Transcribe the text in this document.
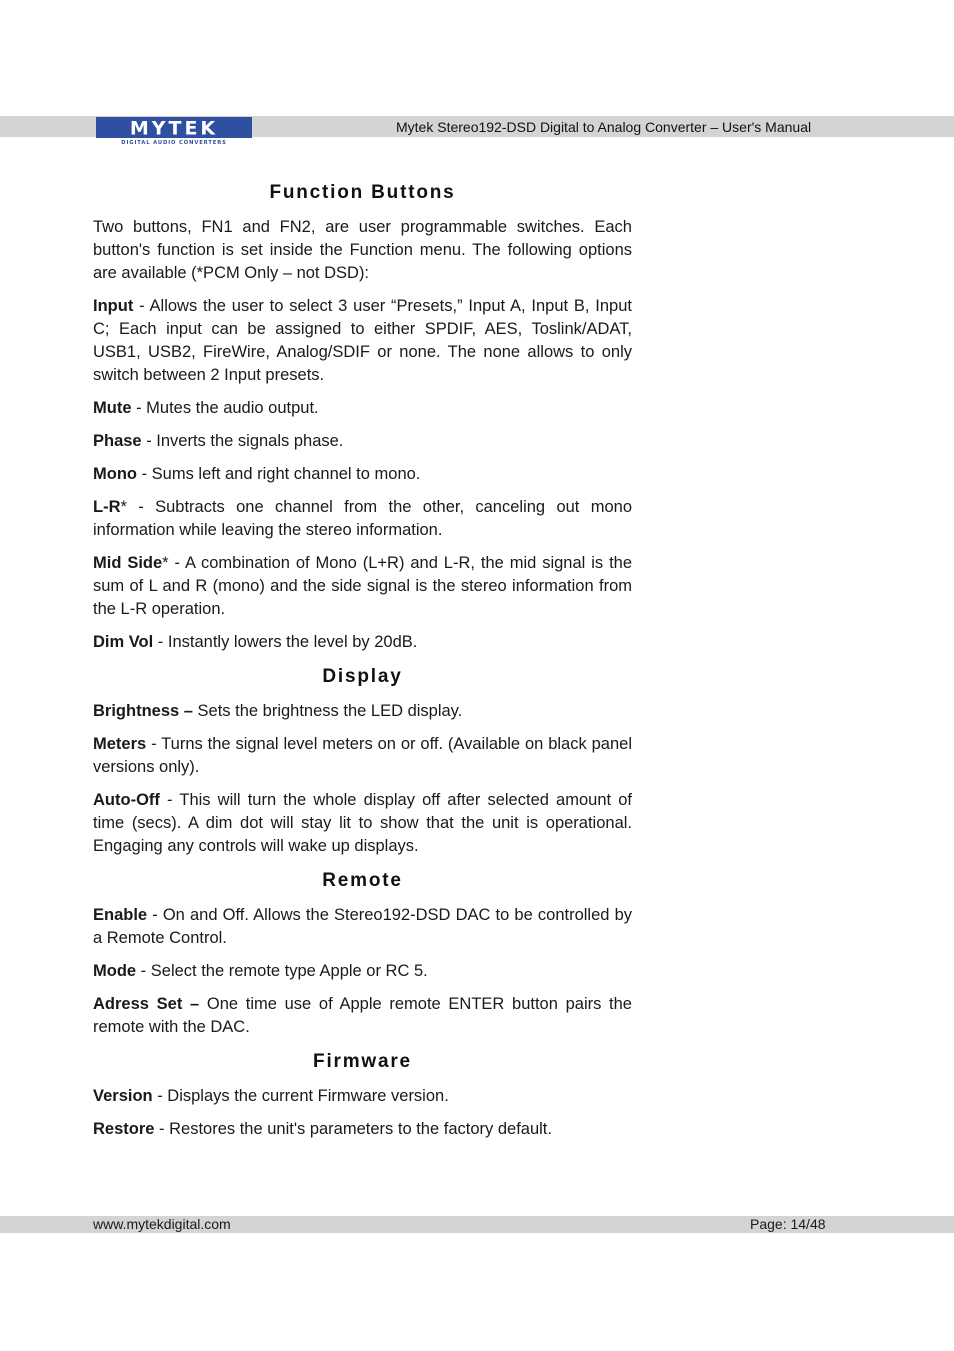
MYTEK
DIGITAL AUDIO CONVERTERS
Mytek Stereo192-DSD Digital to Analog Converter – User's Manual
Function Buttons
Two buttons, FN1 and FN2, are user programmable switches. Each button's function is set inside the Function menu. The following options are available (*PCM Only – not DSD):
Input - Allows the user to select 3 user “Presets,” Input A, Input B, Input C; Each input can be assigned to either SPDIF, AES, Toslink/ADAT, USB1, USB2, FireWire, Analog/SDIF or none. The none allows to only switch between 2 Input presets.
Mute - Mutes the audio output.
Phase - Inverts the signals phase.
Mono - Sums left and right channel to mono.
L-R* - Subtracts one channel from the other, canceling out mono information while leaving the stereo information.
Mid Side* - A combination of Mono (L+R) and L-R, the mid signal is the sum of L and R (mono) and the side signal is the stereo information from the L-R operation.
Dim Vol - Instantly lowers the level by 20dB.
Display
Brightness – Sets the brightness the LED display.
Meters - Turns the signal level meters on or off. (Available on black panel versions only).
Auto-Off - This will turn the whole display off after selected amount of time (secs). A dim dot will stay lit to show that the unit is operational. Engaging any controls will wake up displays.
Remote
Enable - On and Off. Allows the Stereo192-DSD DAC to be controlled by a Remote Control.
Mode - Select the remote type Apple or RC 5.
Adress Set – One time use of Apple remote ENTER button pairs the remote with the DAC.
Firmware
Version - Displays the current Firmware version.
Restore - Restores the unit's parameters to the factory default.
www.mytekdigital.com	Page: 14/48
